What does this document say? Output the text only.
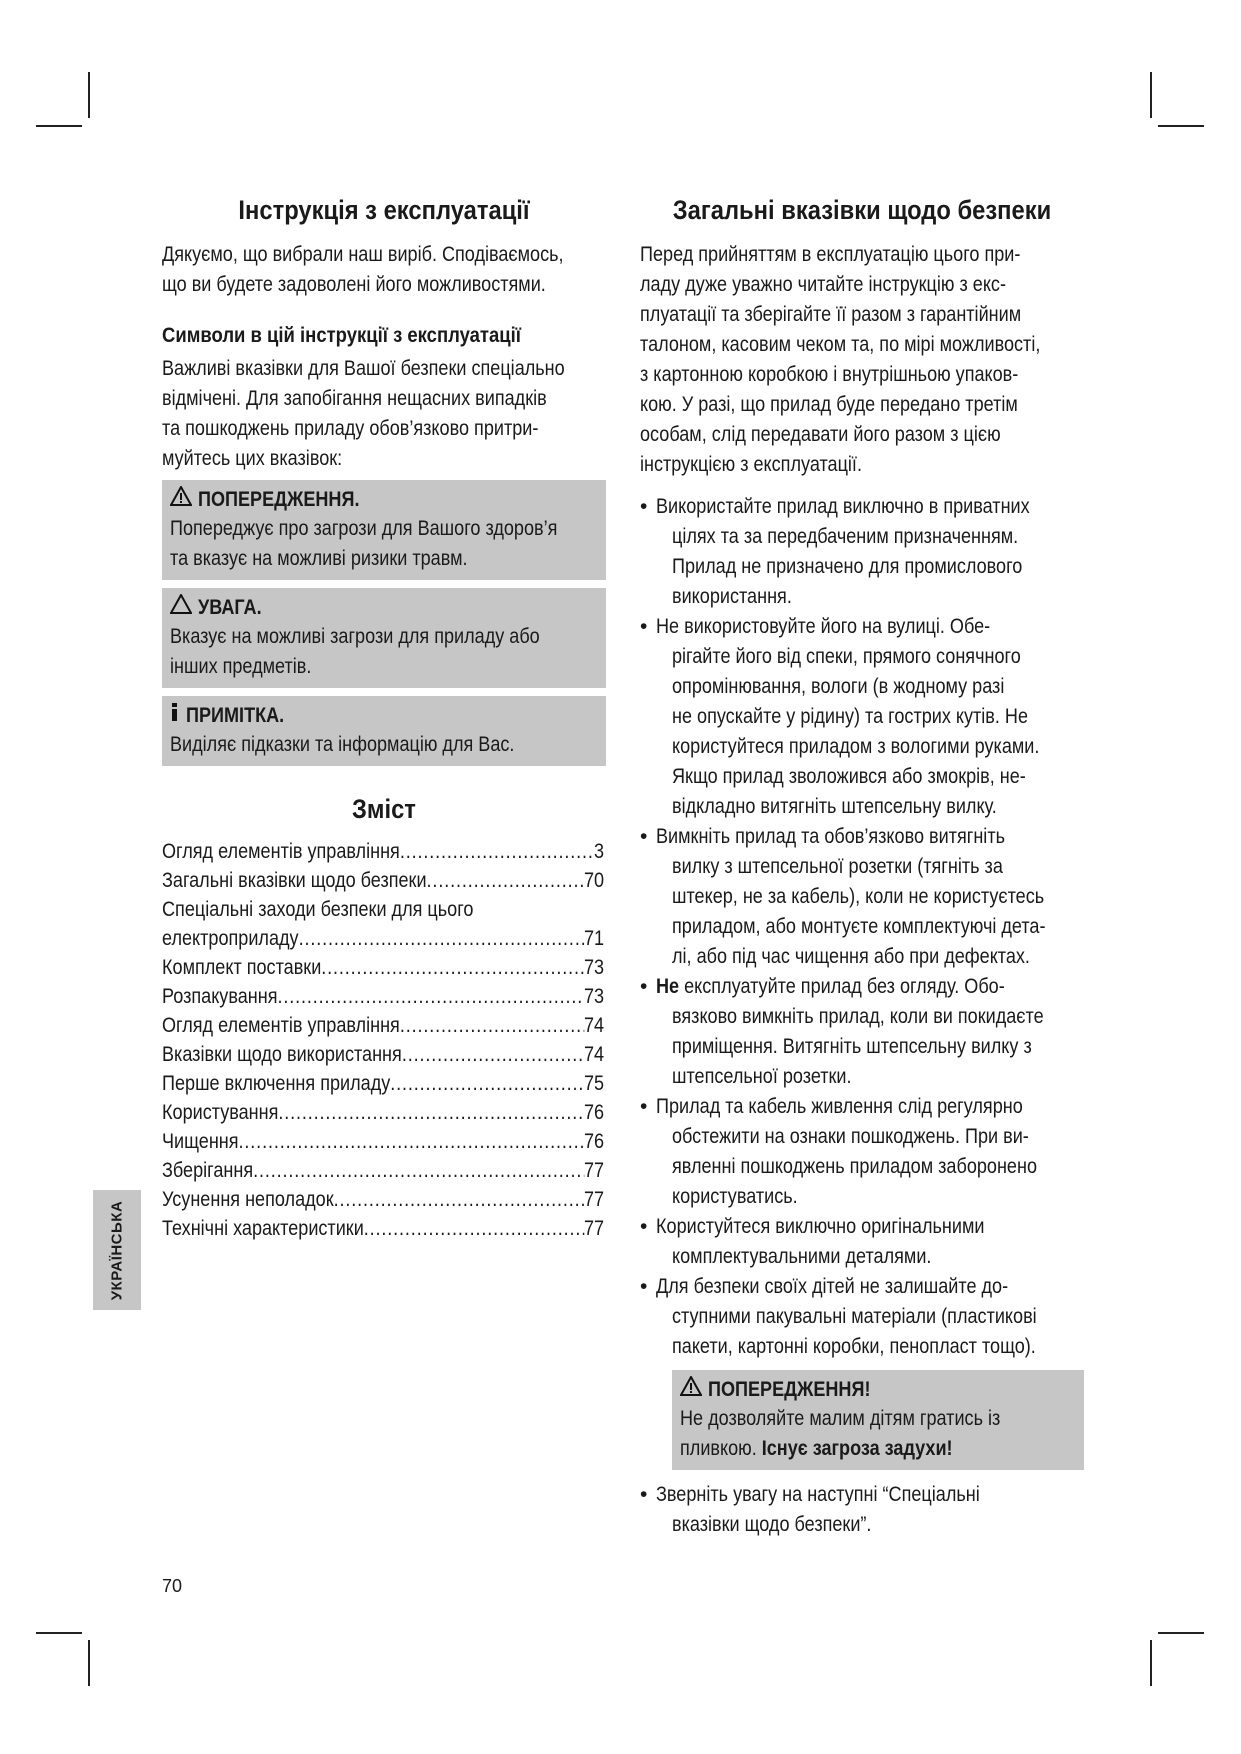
Інструкція з експлуатації
Дякуємо, що вибрали наш виріб. Сподіваємось,
що ви будете задоволені його можливостями.
Символи в цій інструкції з експлуатації
Важливі вказівки для Вашої безпеки спеціально
відмічені. Для запобігання нещасних випадків
та пошкоджень приладу обов’язково притри-
муйтесь цих вказівок:
ПОПЕРЕДЖЕННЯ.
Попереджує про загрози для Вашого здоров’я
та вказує на можливі ризики травм.
УВАГА.
Вказує на можливі загрози для приладу або
інших предметів.
ПРИМІТКА.
Виділяє підказки та інформацію для Вас.
Зміст
Огляд елементів управління .....	3
Загальні вказівки щодо безпеки .....	70
Спеціальні заходи безпеки для цього
електроприладу .....	71
Комплект поставки .....	73
Розпакування .....	73
Огляд елементів управління .....	74
Вказівки щодо використання .....	74
Перше включення приладу .....	75
Користування .....	76
Чищення .....	76
Зберігання .....	77
Усунення неполадок .....	77
Технічні характеристики .....	77
Загальні вказівки щодо безпеки
Перед прийняттям в експлуатацію цього при-
ладу дуже уважно читайте інструкцію з екс-
плуатації та зберігайте її разом з гарантійним
талоном, касовим чеком та, по мірі можливості,
з картонною коробкою і внутрішньою упаков-
кою. У разі, що прилад буде передано третім
особам, слід передавати його разом з цією
інструкцією з експлуатації.
• Використайте прилад виключно в приватних
цілях та за передбаченим призначенням.
Прилад не призначено для промислового
використання.
• Не використовуйте його на вулиці. Обе-
рігайте його від спеки, прямого сонячного
опромінювання, вологи (в жодному разі
не опускайте у рідину) та гострих кутів. Не
користуйтеся приладом з вологими руками.
Якщо прилад зволожився або змокрів, не-
відкладно витягніть штепсельну вилку.
• Вимкніть прилад та обов’язково витягніть
вилку з штепсельної розетки (тягніть за
штекер, не за кабель), коли не користуєтесь
приладом, або монтуєте комплектуючі дета-
лі, або під час чищення або при дефектах.
• Не експлуатуйте прилад без огляду. Обо-
вязково вимкніть прилад, коли ви покидаєте
приміщення. Витягніть штепсельну вилку з
штепсельної розетки.
• Прилад та кабель живлення слід регулярно
обстежити на ознаки пошкоджень. При ви-
явленні пошкоджень приладом заборонено
користуватись.
• Користуйтеся виключно оригінальними
комплектувальними деталями.
• Для безпеки своїх дітей не залишайте до-
ступними пакувальні матеріали (пластикові
пакети, картонні коробки, пенопласт тощо).
ПОПЕРЕДЖЕННЯ!
Не дозволяйте малим дітям гратись із
пливкою. Існує загроза задухи!
• Зверніть увагу на наступні “Спеціальні
вказівки щодо безпеки”.
УКРАЇНСЬКА
70
